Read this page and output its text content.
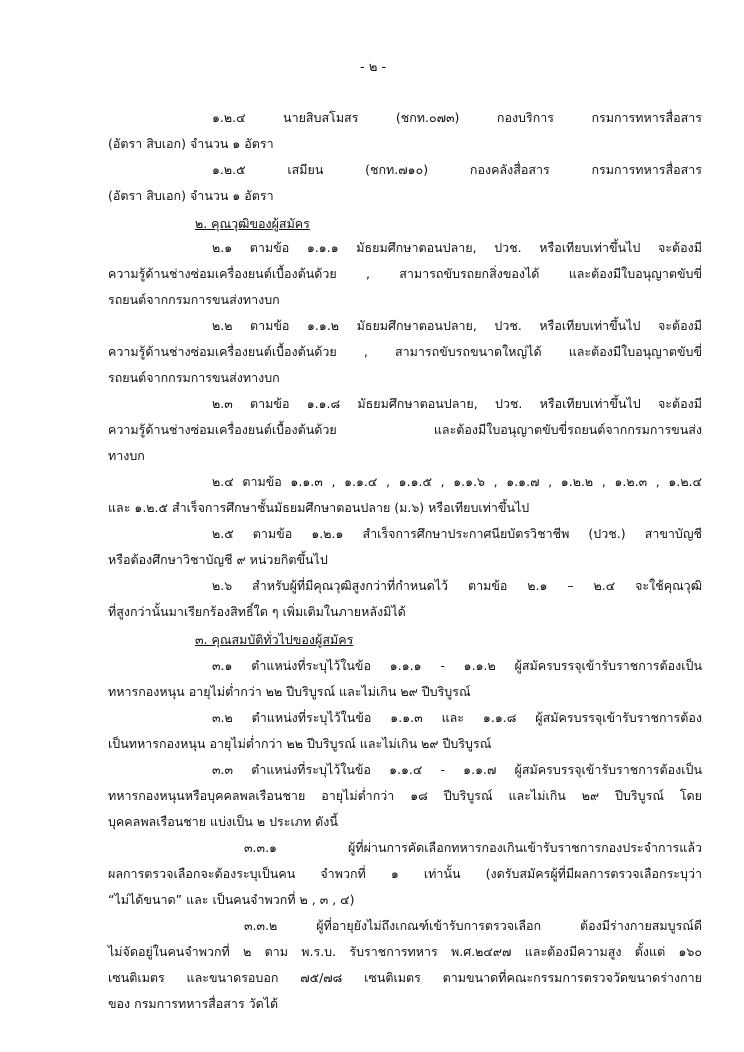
- ๒ -
๑.๒.๔ นายสิบสโมสร (ชกท.๐๗๓) กองบริการ กรมการทหารสื่อสาร
(อัตรา สิบเอก) จำนวน ๑ อัตรา
๑.๒.๕ เสมียน (ชกท.๗๑๐) กองคลังสื่อสาร กรมการทหารสื่อสาร
(อัตรา สิบเอก) จำนวน ๑ อัตรา
๒. คุณวุฒิของผู้สมัคร
๒.๑ ตามข้อ ๑.๑.๑ มัธยมศึกษาตอนปลาย, ปวช. หรือเทียบเท่าขึ้นไป จะต้องมี
ความรู้ด้านช่างซ่อมเครื่องยนต์เบื้องต้นด้วย , สามารถขับรถยกสิ่งของได้ และต้องมีใบอนุญาตขับขี่
รถยนต์จากกรมการขนส่งทางบก
๒.๒ ตามข้อ ๑.๑.๒ มัธยมศึกษาตอนปลาย, ปวช. หรือเทียบเท่าขึ้นไป จะต้องมี
ความรู้ด้านช่างซ่อมเครื่องยนต์เบื้องต้นด้วย , สามารถขับรถขนาดใหญ่ได้ และต้องมีใบอนุญาตขับขี่
รถยนต์จากกรมการขนส่งทางบก
๒.๓ ตามข้อ ๑.๑.๘ มัธยมศึกษาตอนปลาย, ปวช. หรือเทียบเท่าขึ้นไป จะต้องมี
ความรู้ด้านช่างซ่อมเครื่องยนต์เบื้องต้นด้วย และต้องมีใบอนุญาตขับขี่รถยนต์จากกรมการขนส่ง
ทางบก
๒.๔ ตามข้อ ๑.๑.๓ , ๑.๑.๔ , ๑.๑.๕ , ๑.๑.๖ , ๑.๑.๗ , ๑.๒.๒ , ๑.๒.๓ , ๑.๒.๔
และ ๑.๒.๕ สำเร็จการศึกษาชั้นมัธยมศึกษาตอนปลาย (ม.๖) หรือเทียบเท่าขึ้นไป
๒.๕ ตามข้อ ๑.๒.๑ สำเร็จการศึกษาประกาศนียบัตรวิชาชีพ (ปวช.) สาขาบัญชี
หรือต้องศึกษาวิชาบัญชี ๙ หน่วยกิตขึ้นไป
๒.๖ สำหรับผู้ที่มีคุณวุฒิสูงกว่าที่กำหนดไว้ ตามข้อ ๒.๑ – ๒.๔ จะใช้คุณวุฒิ
ที่สูงกว่านั้นมาเรียกร้องสิทธิ์ใด ๆ เพิ่มเติมในภายหลังมิได้
๓. คุณสมบัติทั่วไปของผู้สมัคร
๓.๑ ตำแหน่งที่ระบุไว้ในข้อ ๑.๑.๑ - ๑.๑.๒ ผู้สมัครบรรจุเข้ารับราชการต้องเป็น
ทหารกองหนุน อายุไม่ต่ำกว่า ๒๒ ปีบริบูรณ์ และไม่เกิน ๒๙ ปีบริบูรณ์
๓.๒ ตำแหน่งที่ระบุไว้ในข้อ ๑.๑.๓ และ ๑.๑.๘ ผู้สมัครบรรจุเข้ารับราชการต้อง
เป็นทหารกองหนุน อายุไม่ต่ำกว่า ๒๒ ปีบริบูรณ์ และไม่เกิน ๒๙ ปีบริบูรณ์
๓.๓ ตำแหน่งที่ระบุไว้ในข้อ ๑.๑.๔ - ๑.๑.๗ ผู้สมัครบรรจุเข้ารับราชการต้องเป็น
ทหารกองหนุนหรือบุคคลพลเรือนชาย อายุไม่ต่ำกว่า ๑๘ ปีบริบูรณ์ และไม่เกิน ๒๙ ปีบริบูรณ์ โดย
บุคคลพลเรือนชาย แบ่งเป็น ๒ ประเภท ดังนี้
๓.๓.๑ ผู้ที่ผ่านการคัดเลือกทหารกองเกินเข้ารับราชการกองประจำการแล้ว
ผลการตรวจเลือกจะต้องระบุเป็นคน จำพวกที่ ๑ เท่านั้น (งดรับสมัครผู้ที่มีผลการตรวจเลือกระบุว่า
“ไม่ได้ขนาด” และ เป็นคนจำพวกที่ ๒ , ๓ , ๔)
๓.๓.๒ ผู้ที่อายุยังไม่ถึงเกณฑ์เข้ารับการตรวจเลือก ต้องมีร่างกายสมบูรณ์ดี
ไม่จัดอยู่ในคนจำพวกที่ ๒ ตาม พ.ร.บ. รับราชการทหาร พ.ศ.๒๔๙๗ และต้องมีความสูง ตั้งแต่ ๑๖๐
เซนติเมตร และขนาดรอบอก ๗๕/๗๘ เซนติเมตร ตามขนาดที่คณะกรรมการตรวจวัดขนาดร่างกาย
ของ กรมการทหารสื่อสาร วัดได้
